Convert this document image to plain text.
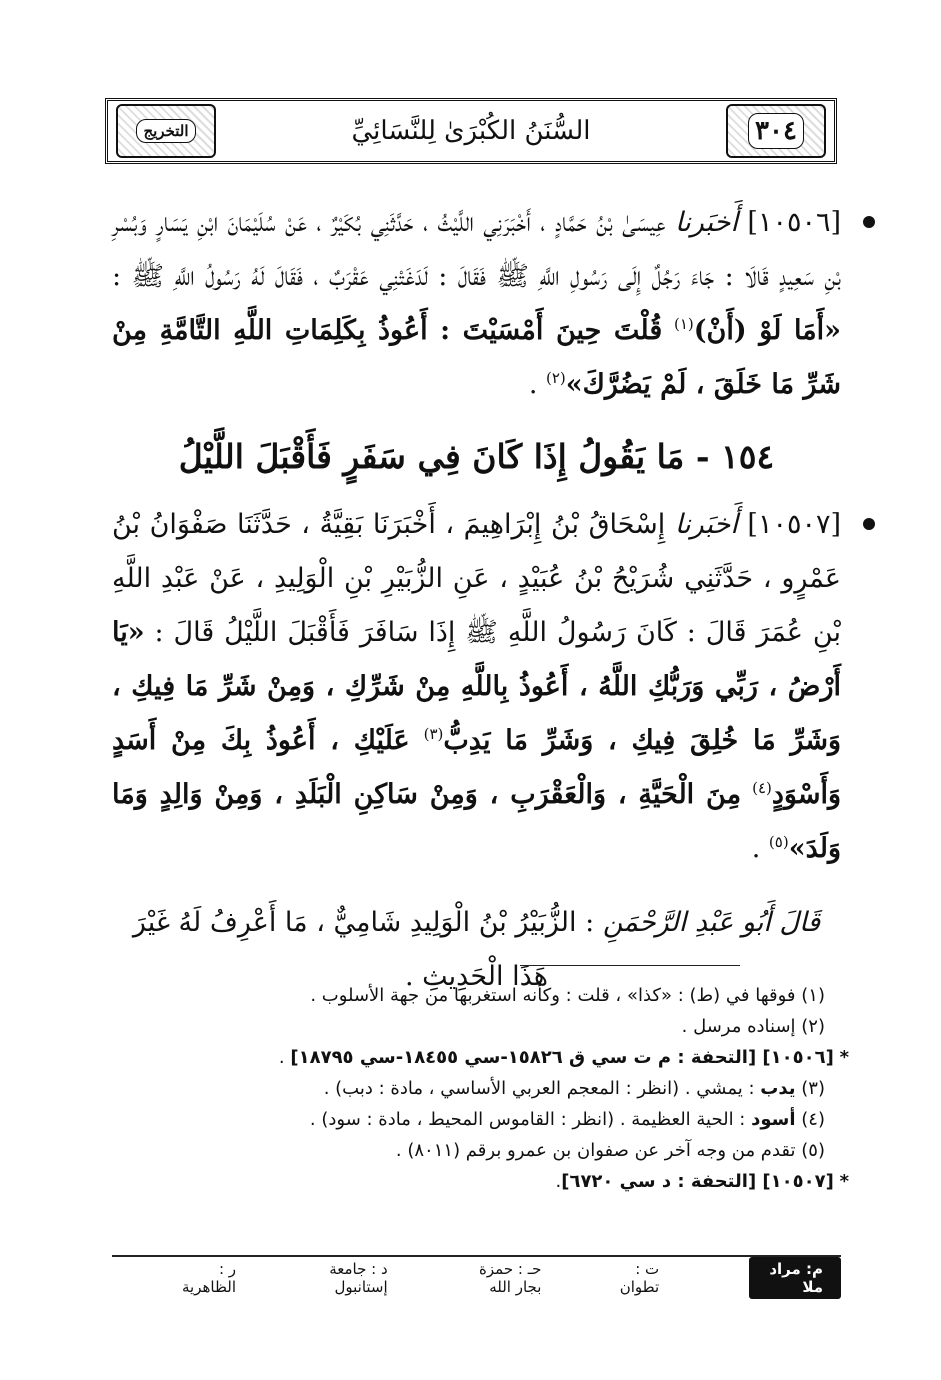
التخريج	السُّنَنُ الكُبْرَىٰ لِلنَّسَائِيِّ	٣٠٤

[١٠٥٠٦] أَخبَرنا عِيسَىٰ بْنُ حَمَّادٍ ، أَخْبَرَنِي اللَّيْثُ ، حَدَّثَنِي بُكَيْرٌ ، عَنْ سُلَيْمَانَ ابْنِ يَسَارٍ وَبُسْرِ بْنِ سَعِيدٍ قَالَا : جَاءَ رَجُلٌ إِلَى رَسُولِ اللَّهِ ﷺ فَقَالَ : لَدَغَتْنِي عَقْرَبٌ ، فَقَالَ لَهُ رَسُولُ اللَّهِ ﷺ : «أَمَا لَوْ (أَنْ)$^{(١)}$ قُلْتَ حِينَ أَمْسَيْتَ : أَعُوذُ بِكَلِمَاتِ اللَّهِ التَّامَّةِ مِنْ شَرِّ مَا خَلَقَ ، لَمْ يَضُرَّكَ»$^{(٢)}$ .

١٥٤ - مَا يَقُولُ إِذَا كَانَ فِي سَفَرٍ فَأَقْبَلَ اللَّيْلُ

[١٠٥٠٧] أَخبَرنا إِسْحَاقُ بْنُ إِبْرَاهِيمَ ، أَخْبَرَنَا بَقِيَّةُ ، حَدَّثَنَا صَفْوَانُ بْنُ عَمْرٍو ، حَدَّثَنِي شُرَيْحُ بْنُ عُبَيْدٍ ، عَنِ الزُّبَيْرِ بْنِ الْوَلِيدِ ، عَنْ عَبْدِ اللَّهِ بْنِ عُمَرَ قَالَ : كَانَ رَسُولُ اللَّهِ ﷺ إِذَا سَافَرَ فَأَقْبَلَ اللَّيْلُ قَالَ : «يَا أَرْضُ ، رَبِّي وَرَبُّكِ اللَّهُ ، أَعُوذُ بِاللَّهِ مِنْ شَرِّكِ ، وَمِنْ شَرِّ مَا فِيكِ ، وَشَرِّ مَا خُلِقَ فِيكِ ، وَشَرِّ مَا يَدِبُّ$^{(٣)}$ عَلَيْكِ ، أَعُوذُ بِكَ مِنْ أَسَدٍ وَأَسْوَدٍ$^{(٤)}$ مِنَ الْحَيَّةِ ، وَالْعَقْرَبِ ، وَمِنْ سَاكِنِ الْبَلَدِ ، وَمِنْ وَالِدٍ وَمَا وَلَدَ»$^{(٥)}$ .

قَالَ أَبُو عَبْدِ الرَّحْمَنِ : الزُّبَيْرُ بْنُ الْوَلِيدِ شَامِيٌّ ، مَا أَعْرِفُ لَهُ غَيْرَ هَذَا الْحَدِيثِ .
(١) فوقها في (ط) : «كذا» ، قلت : وكأنه استغربها من جهة الأسلوب .
(٢) إسناده مرسل .
* [١٠٥٠٦] [التحفة : م ت سي ق ١٥٨٢٦-سي ١٨٤٥٥-سي ١٨٧٩٥] .
(٣) يدب : يمشي . (انظر : المعجم العربي الأساسي ، مادة : دبب) .
(٤) أسود : الحية العظيمة . (انظر : القاموس المحيط ، مادة : سود) .
(٥) تقدم من وجه آخر عن صفوان بن عمرو برقم (٨٠١١) .
* [١٠٥٠٧] [التحفة : د سي ٦٧٢٠].
م: مراد ملا
ت : تطوان
حـ : حمزة بجار الله
د : جامعة إستانبول
ر : الظاهرية
